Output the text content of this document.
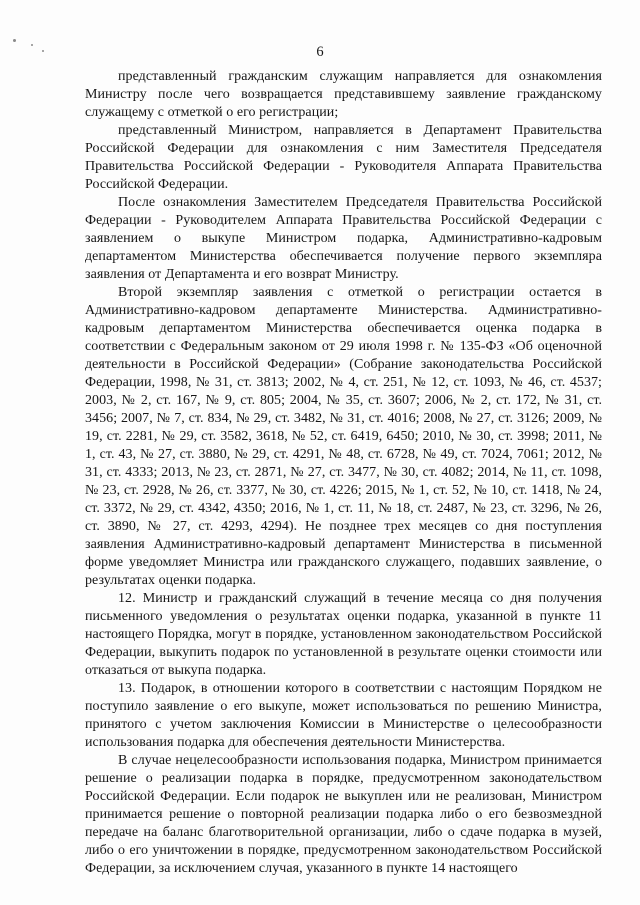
6

представленный гражданским служащим направляется для ознакомления Министру после чего возвращается представившему заявление гражданскому служащему с отметкой о его регистрации;

представленный Министром, направляется в Департамент Правительства Российской Федерации для ознакомления с ним Заместителя Председателя Правительства Российской Федерации - Руководителя Аппарата Правительства Российской Федерации.

После ознакомления Заместителем Председателя Правительства Российской Федерации - Руководителем Аппарата Правительства Российской Федерации с заявлением о выкупе Министром подарка, Административно-кадровым департаментом Министерства обеспечивается получение первого экземпляра заявления от Департамента и его возврат Министру.

Второй экземпляр заявления с отметкой о регистрации остается в Административно-кадровом департаменте Министерства. Административно-кадровым департаментом Министерства обеспечивается оценка подарка в соответствии с Федеральным законом от 29 июля 1998 г. № 135-ФЗ «Об оценочной деятельности в Российской Федерации» (Собрание законодательства Российской Федерации, 1998, № 31, ст. 3813; 2002, № 4, ст. 251, № 12, ст. 1093, № 46, ст. 4537; 2003, № 2, ст. 167, № 9, ст. 805; 2004, № 35, ст. 3607; 2006, № 2, ст. 172, № 31, ст. 3456; 2007, № 7, ст. 834, № 29, ст. 3482, № 31, ст. 4016; 2008, № 27, ст. 3126; 2009, № 19, ст. 2281, № 29, ст. 3582, 3618, № 52, ст. 6419, 6450; 2010, № 30, ст. 3998; 2011, № 1, ст. 43, № 27, ст. 3880, № 29, ст. 4291, № 48, ст. 6728, № 49, ст. 7024, 7061; 2012, № 31, ст. 4333; 2013, № 23, ст. 2871, № 27, ст. 3477, № 30, ст. 4082; 2014, № 11, ст. 1098, № 23, ст. 2928, № 26, ст. 3377, № 30, ст. 4226; 2015, № 1, ст. 52, № 10, ст. 1418, № 24, ст. 3372, № 29, ст. 4342, 4350; 2016, № 1, ст. 11, № 18, ст. 2487, № 23, ст. 3296, № 26, ст. 3890, № 27, ст. 4293, 4294). Не позднее трех месяцев со дня поступления заявления Административно-кадровый департамент Министерства в письменной форме уведомляет Министра или гражданского служащего, подавших заявление, о результатах оценки подарка.

12. Министр и гражданский служащий в течение месяца со дня получения письменного уведомления о результатах оценки подарка, указанной в пункте 11 настоящего Порядка, могут в порядке, установленном законодательством Российской Федерации, выкупить подарок по установленной в результате оценки стоимости или отказаться от выкупа подарка.

13. Подарок, в отношении которого в соответствии с настоящим Порядком не поступило заявление о его выкупе, может использоваться по решению Министра, принятого с учетом заключения Комиссии в Министерстве о целесообразности использования подарка для обеспечения деятельности Министерства.

В случае нецелесообразности использования подарка, Министром принимается решение о реализации подарка в порядке, предусмотренном законодательством Российской Федерации. Если подарок не выкуплен или не реализован, Министром принимается решение о повторной реализации подарка либо о его безвозмездной передаче на баланс благотворительной организации, либо о сдаче подарка в музей, либо о его уничтожении в порядке, предусмотренном законодательством Российской Федерации, за исключением случая, указанного в пункте 14 настоящего
